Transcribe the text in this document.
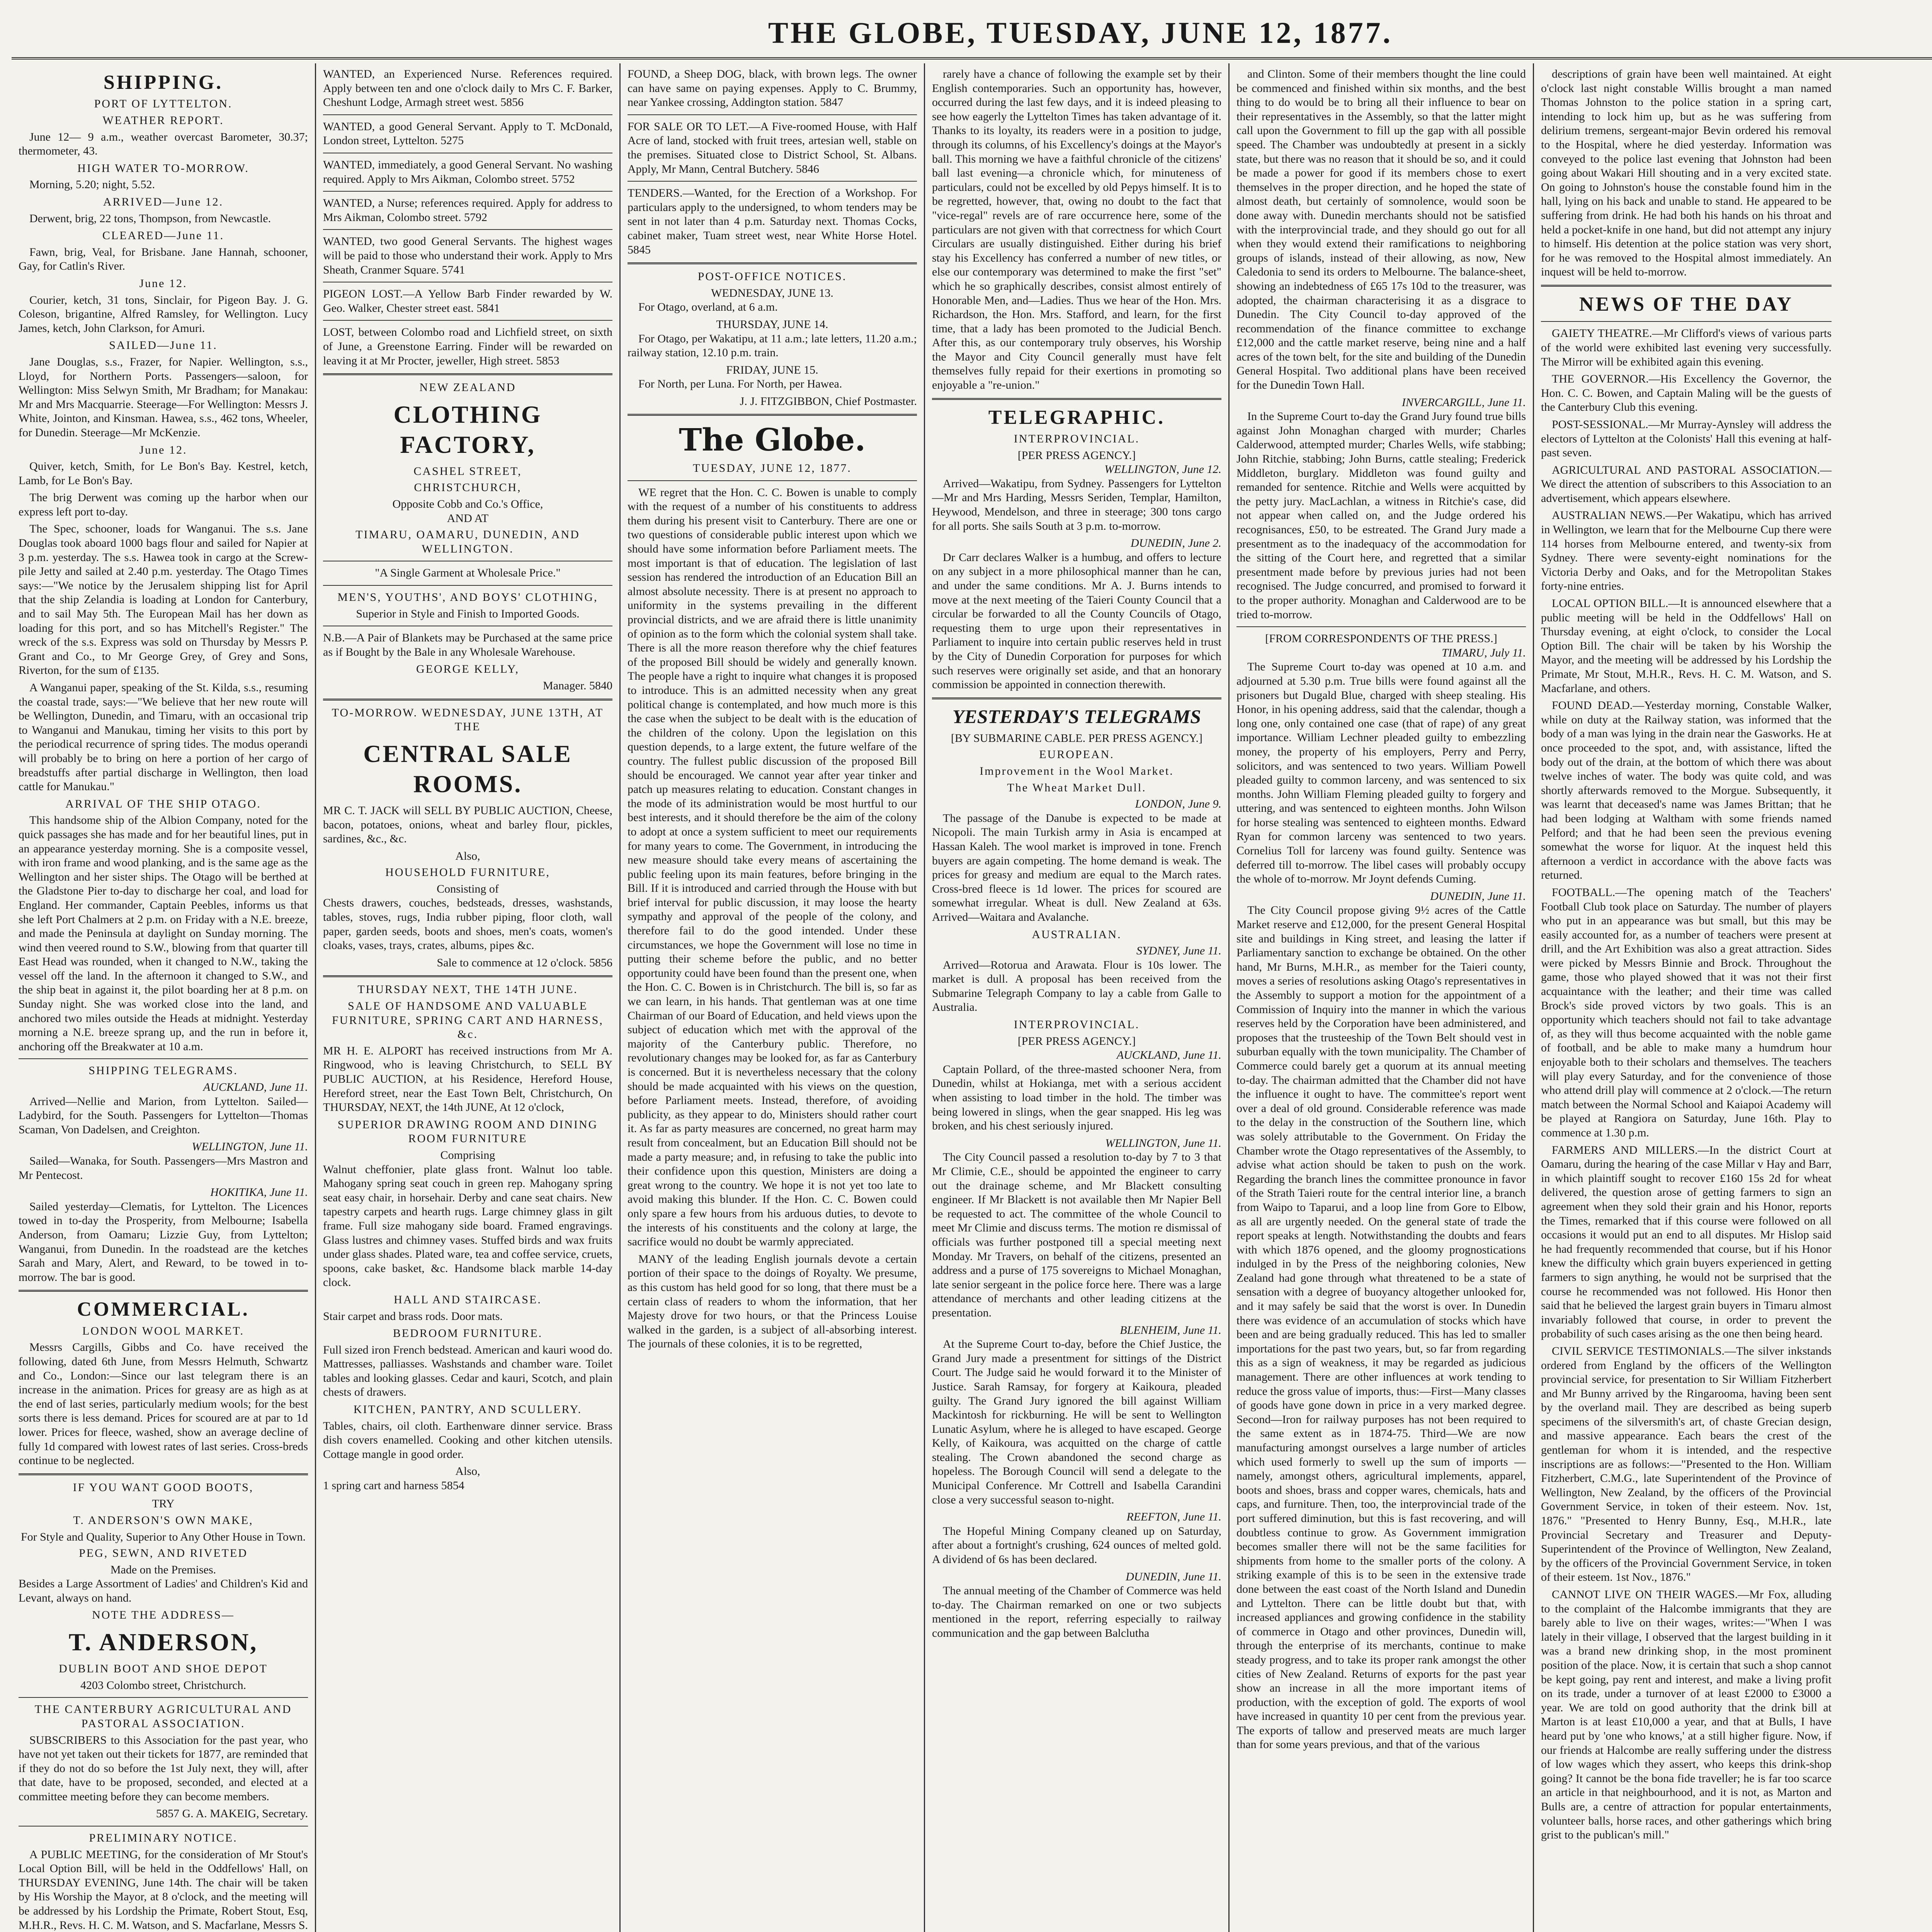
THE GLOBE, TUESDAY, JUNE 12, 1877.
SHIPPING.
PORT OF LYTTELTON.
WEATHER REPORT.

June 12— 9 a.m., weather overcast Barometer, 30.37; thermometer, 43.

HIGH WATER TO-MORROW.

Morning, 5.20; night, 5.52.

ARRIVED—June 12.

Derwent, brig, 22 tons, Thompson, from Newcastle.

CLEARED—June 11.

Fawn, brig, Veal, for Brisbane. Jane Hannah, schooner, Gay, for Catlin's River.

June 12.

Courier, ketch, 31 tons, Sinclair, for Pigeon Bay. J. G. Coleson, brigantine, Alfred Ramsley, for Wellington. Lucy James, ketch, John Clarkson, for Amuri.

SAILED—June 11.

Jane Douglas, s.s., Frazer, for Napier. Wellington, s.s., Lloyd, for Northern Ports. Passengers—saloon, for Wellington: Miss Selwyn Smith, Mr Bradham; for Manakau: Mr and Mrs Macquarrie. Steerage—For Wellington: Messrs J. White, Jointon, and Kinsman. Hawea, s.s., 462 tons, Wheeler, for Dunedin. Steerage—Mr McKenzie.

June 12.

Quiver, ketch, Smith, for Le Bon's Bay. Kestrel, ketch, Lamb, for Le Bon's Bay.

The brig Derwent was coming up the harbor when our express left port to-day.

The Spec, schooner, loads for Wanganui. The s.s. Jane Douglas took aboard 1000 bags flour and sailed for Napier at 3 p.m. yesterday. The s.s. Hawea took in cargo at the Screw-pile Jetty and sailed at 2.40 p.m. yesterday. The Otago Times says:—"We notice by the Jerusalem shipping list for April that the ship Zelandia is loading at London for Canterbury, and to sail May 5th. The European Mail has her down as loading for this port, and so has Mitchell's Register." The wreck of the s.s. Express was sold on Thursday by Messrs P. Grant and Co., to Mr George Grey, of Grey and Sons, Riverton, for the sum of £135.

A Wanganui paper, speaking of the St. Kilda, s.s., resuming the coastal trade, says:—"We believe that her new route will be Wellington, Dunedin, and Timaru, with an occasional trip to Wanganui and Manukau, timing her visits to this port by the periodical recurrence of spring tides. The modus operandi will probably be to bring on here a portion of her cargo of breadstuffs after partial discharge in Wellington, then load cattle for Manukau."

ARRIVAL OF THE SHIP OTAGO.

This handsome ship of the Albion Company, noted for the quick passages she has made and for her beautiful lines, put in an appearance yesterday morning. She is a composite vessel, with iron frame and wood planking, and is the same age as the Wellington and her sister ships. The Otago will be berthed at the Gladstone Pier to-day to discharge her coal, and load for England. Her commander, Captain Peebles, informs us that she left Port Chalmers at 2 p.m. on Friday with a N.E. breeze, and made the Peninsula at daylight on Sunday morning. The wind then veered round to S.W., blowing from that quarter till East Head was rounded, when it changed to N.W., taking the vessel off the land. In the afternoon it changed to S.W., and the ship beat in against it, the pilot boarding her at 8 p.m. on Sunday night. She was worked close into the land, and anchored two miles outside the Heads at midnight. Yesterday morning a N.E. breeze sprang up, and the run in before it, anchoring off the Breakwater at 10 a.m.

SHIPPING TELEGRAMS.
AUCKLAND, June 11.

Arrived—Nellie and Marion, from Lyttelton. Sailed—Ladybird, for the South. Passengers for Lyttelton—Thomas Scaman, Von Dadelsen, and Creighton.

WELLINGTON, June 11.

Sailed—Wanaka, for South. Passengers—Mrs Mastron and Mr Pentecost.

HOKITIKA, June 11.

Sailed yesterday—Clematis, for Lyttelton. The Licences towed in to-day the Prosperity, from Melbourne; Isabella Anderson, from Oamaru; Lizzie Guy, from Lyttelton; Wanganui, from Dunedin. In the roadstead are the ketches Sarah and Mary, Alert, and Reward, to be towed in to-morrow. The bar is good.

COMMERCIAL.
LONDON WOOL MARKET.

Messrs Cargills, Gibbs and Co. have received the following, dated 6th June, from Messrs Helmuth, Schwartz and Co., London:—Since our last telegram there is an increase in the animation. Prices for greasy are as high as at the end of last series, particularly medium wools; for the best sorts there is less demand. Prices for scoured are at par to 1d lower. Prices for fleece, washed, show an average decline of fully 1d compared with lowest rates of last series. Cross-breds continue to be neglected.

IF YOU WANT GOOD BOOTS,
TRY
T. ANDERSON'S OWN MAKE,
For Style and Quality, Superior to Any Other House in Town.
PEG, SEWN, AND RIVETED
Made on the Premises.

Besides a Large Assortment of Ladies' and Children's Kid and Levant, always on hand.

NOTE THE ADDRESS—
T. ANDERSON,
DUBLIN BOOT AND SHOE DEPOT
4203 Colombo street, Christchurch.
THE CANTERBURY AGRICULTURAL AND PASTORAL ASSOCIATION.

SUBSCRIBERS to this Association for the past year, who have not yet taken out their tickets for 1877, are reminded that if they do not do so before the 1st July next, they will, after that date, have to be proposed, seconded, and elected at a committee meeting before they can become members.

5857 G. A. MAKEIG, Secretary.
PRELIMINARY NOTICE.

A PUBLIC MEETING, for the consideration of Mr Stout's Local Option Bill, will be held in the Oddfellows' Hall, on THURSDAY EVENING, June 14th. The chair will be taken by His Worship the Mayor, at 8 o'clock, and the meeting will be addressed by his Lordship the Primate, Robert Stout, Esq, M.H.R., Revs. H. C. M. Watson, and S. Macfarlane, Messrs S.

WANTED, an Experienced Nurse. References required. Apply between ten and one o'clock daily to Mrs C. F. Barker, Cheshunt Lodge, Armagh street west. 5856

WANTED, a good General Servant. Apply to T. McDonald, London street, Lyttelton. 5275

WANTED, immediately, a good General Servant. No washing required. Apply to Mrs Aikman, Colombo street. 5752

WANTED, a Nurse; references required. Apply for address to Mrs Aikman, Colombo street. 5792

WANTED, two good General Servants. The highest wages will be paid to those who understand their work. Apply to Mrs Sheath, Cranmer Square. 5741

PIGEON LOST.—A Yellow Barb Finder rewarded by W. Geo. Walker, Chester street east. 5841

LOST, between Colombo road and Lichfield street, on sixth of June, a Greenstone Earring. Finder will be rewarded on leaving it at Mr Procter, jeweller, High street. 5853

NEW ZEALAND
CLOTHING FACTORY,
CASHEL STREET,
CHRISTCHURCH,
Opposite Cobb and Co.'s Office,
AND AT
TIMARU, OAMARU, DUNEDIN, AND WELLINGTON.
"A Single Garment at Wholesale Price."
MEN'S, YOUTHS', AND BOYS' CLOTHING,
Superior in Style and Finish to Imported Goods.

N.B.—A Pair of Blankets may be Purchased at the same price as if Bought by the Bale in any Wholesale Warehouse.

GEORGE KELLY,
Manager. 5840
TO-MORROW. WEDNESDAY, JUNE 13TH, AT THE
CENTRAL SALE ROOMS.

MR C. T. JACK will SELL BY PUBLIC AUCTION, Cheese, bacon, potatoes, onions, wheat and barley flour, pickles, sardines, &c., &c.

Also,
HOUSEHOLD FURNITURE,
Consisting of

Chests drawers, couches, bedsteads, dresses, washstands, tables, stoves, rugs, India rubber piping, floor cloth, wall paper, garden seeds, boots and shoes, men's coats, women's cloaks, vases, trays, crates, albums, pipes &c.

Sale to commence at 12 o'clock. 5856
THURSDAY NEXT, THE 14TH JUNE.
SALE OF HANDSOME AND VALUABLE FURNITURE, SPRING CART AND HARNESS, &c.

MR H. E. ALPORT has received instructions from Mr A. Ringwood, who is leaving Christchurch, to SELL BY PUBLIC AUCTION, at his Residence, Hereford House, Hereford street, near the East Town Belt, Christchurch, On THURSDAY, NEXT, the 14th JUNE, At 12 o'clock,

SUPERIOR DRAWING ROOM AND DINING ROOM FURNITURE
Comprising

Walnut cheffonier, plate glass front. Walnut loo table. Mahogany spring seat couch in green rep. Mahogany spring seat easy chair, in horsehair. Derby and cane seat chairs. New tapestry carpets and hearth rugs. Large chimney glass in gilt frame. Full size mahogany side board. Framed engravings. Glass lustres and chimney vases. Stuffed birds and wax fruits under glass shades. Plated ware, tea and coffee service, cruets, spoons, cake basket, &c. Handsome black marble 14-day clock.

HALL AND STAIRCASE.

Stair carpet and brass rods. Door mats.

BEDROOM FURNITURE.

Full sized iron French bedstead. American and kauri wood do. Mattresses, palliasses. Washstands and chamber ware. Toilet tables and looking glasses. Cedar and kauri, Scotch, and plain chests of drawers.

KITCHEN, PANTRY, AND SCULLERY.

Tables, chairs, oil cloth. Earthenware dinner service. Brass dish covers enamelled. Cooking and other kitchen utensils. Cottage mangle in good order.

Also,
1 spring cart and harness 5854

FOUND, a Sheep DOG, black, with brown legs. The owner can have same on paying expenses. Apply to C. Brummy, near Yankee crossing, Addington station. 5847

FOR SALE OR TO LET.—A Five-roomed House, with Half Acre of land, stocked with fruit trees, artesian well, stable on the premises. Situated close to District School, St. Albans. Apply, Mr Mann, Central Butchery. 5846

TENDERS.—Wanted, for the Erection of a Workshop. For particulars apply to the undersigned, to whom tenders may be sent in not later than 4 p.m. Saturday next. Thomas Cocks, cabinet maker, Tuam street west, near White Horse Hotel. 5845

POST-OFFICE NOTICES.
WEDNESDAY, JUNE 13.

For Otago, overland, at 6 a.m.

THURSDAY, JUNE 14.

For Otago, per Wakatipu, at 11 a.m.; late letters, 11.20 a.m.; railway station, 12.10 p.m. train.

FRIDAY, JUNE 15.

For North, per Luna. For North, per Hawea.

J. J. FITZGIBBON, Chief Postmaster.
The Globe.
TUESDAY, JUNE 12, 1877.

WE regret that the Hon. C. C. Bowen is unable to comply with the request of a number of his constituents to address them during his present visit to Canterbury. There are one or two questions of considerable public interest upon which we should have some information before Parliament meets. The most important is that of education. The legislation of last session has rendered the introduction of an Education Bill an almost absolute necessity. There is at present no approach to uniformity in the systems prevailing in the different provincial districts, and we are afraid there is little unanimity of opinion as to the form which the colonial system shall take. There is all the more reason therefore why the chief features of the proposed Bill should be widely and generally known. The people have a right to inquire what changes it is proposed to introduce. This is an admitted necessity when any great political change is contemplated, and how much more is this the case when the subject to be dealt with is the education of the children of the colony. Upon the legislation on this question depends, to a large extent, the future welfare of the country. The fullest public discussion of the proposed Bill should be encouraged. We cannot year after year tinker and patch up measures relating to education. Constant changes in the mode of its administration would be most hurtful to our best interests, and it should therefore be the aim of the colony to adopt at once a system sufficient to meet our requirements for many years to come. The Government, in introducing the new measure should take every means of ascertaining the public feeling upon its main features, before bringing in the Bill. If it is introduced and carried through the House with but brief interval for public discussion, it may loose the hearty sympathy and approval of the people of the colony, and therefore fail to do the good intended. Under these circumstances, we hope the Government will lose no time in putting their scheme before the public, and no better opportunity could have been found than the present one, when the Hon. C. C. Bowen is in Christchurch. The bill is, so far as we can learn, in his hands. That gentleman was at one time Chairman of our Board of Education, and held views upon the subject of education which met with the approval of the majority of the Canterbury public. Therefore, no revolutionary changes may be looked for, as far as Canterbury is concerned. But it is nevertheless necessary that the colony should be made acquainted with his views on the question, before Parliament meets. Instead, therefore, of avoiding publicity, as they appear to do, Ministers should rather court it. As far as party measures are concerned, no great harm may result from concealment, but an Education Bill should not be made a party measure; and, in refusing to take the public into their confidence upon this question, Ministers are doing a great wrong to the country. We hope it is not yet too late to avoid making this blunder. If the Hon. C. C. Bowen could only spare a few hours from his arduous duties, to devote to the interests of his constituents and the colony at large, the sacrifice would no doubt be warmly appreciated.

MANY of the leading English journals devote a certain portion of their space to the doings of Royalty. We presume, as this custom has held good for so long, that there must be a certain class of readers to whom the information, that her Majesty drove for two hours, or that the Princess Louise walked in the garden, is a subject of all-absorbing interest. The journals of these colonies, it is to be regretted,

rarely have a chance of following the example set by their English contemporaries. Such an opportunity has, however, occurred during the last few days, and it is indeed pleasing to see how eagerly the Lyttelton Times has taken advantage of it. Thanks to its loyalty, its readers were in a position to judge, through its columns, of his Excellency's doings at the Mayor's ball. This morning we have a faithful chronicle of the citizens' ball last evening—a chronicle which, for minuteness of particulars, could not be excelled by old Pepys himself. It is to be regretted, however, that, owing no doubt to the fact that "vice-regal" revels are of rare occurrence here, some of the particulars are not given with that correctness for which Court Circulars are usually distinguished. Either during his brief stay his Excellency has conferred a number of new titles, or else our contemporary was determined to make the first "set" which he so graphically describes, consist almost entirely of Honorable Men, and—Ladies. Thus we hear of the Hon. Mrs. Richardson, the Hon. Mrs. Stafford, and learn, for the first time, that a lady has been promoted to the Judicial Bench. After this, as our contemporary truly observes, his Worship the Mayor and City Council generally must have felt themselves fully repaid for their exertions in promoting so enjoyable a "re-union."

TELEGRAPHIC.
INTERPROVINCIAL.
[PER PRESS AGENCY.]
WELLINGTON, June 12.

Arrived—Wakatipu, from Sydney. Passengers for Lyttelton—Mr and Mrs Harding, Messrs Seriden, Templar, Hamilton, Heywood, Mendelson, and three in steerage; 300 tons cargo for all ports. She sails South at 3 p.m. to-morrow.

DUNEDIN, June 2.

Dr Carr declares Walker is a humbug, and offers to lecture on any subject in a more philosophical manner than he can, and under the same conditions. Mr A. J. Burns intends to move at the next meeting of the Taieri County Council that a circular be forwarded to all the County Councils of Otago, requesting them to urge upon their representatives in Parliament to inquire into certain public reserves held in trust by the City of Dunedin Corporation for purposes for which such reserves were originally set aside, and that an honorary commission be appointed in connection therewith.

YESTERDAY'S TELEGRAMS
[BY SUBMARINE CABLE. PER PRESS AGENCY.]
EUROPEAN.
Improvement in the Wool Market.
The Wheat Market Dull.
LONDON, June 9.

The passage of the Danube is expected to be made at Nicopoli. The main Turkish army in Asia is encamped at Hassan Kaleh. The wool market is improved in tone. French buyers are again competing. The home demand is weak. The prices for greasy and medium are equal to the March rates. Cross-bred fleece is 1d lower. The prices for scoured are somewhat irregular. Wheat is dull. New Zealand at 63s. Arrived—Waitara and Avalanche.

AUSTRALIAN.
SYDNEY, June 11.

Arrived—Rotorua and Arawata. Flour is 10s lower. The market is dull. A proposal has been received from the Submarine Telegraph Company to lay a cable from Galle to Australia.

INTERPROVINCIAL.
[PER PRESS AGENCY.]
AUCKLAND, June 11.

Captain Pollard, of the three-masted schooner Nera, from Dunedin, whilst at Hokianga, met with a serious accident when assisting to load timber in the hold. The timber was being lowered in slings, when the gear snapped. His leg was broken, and his chest seriously injured.

WELLINGTON, June 11.

The City Council passed a resolution to-day by 7 to 3 that Mr Climie, C.E., should be appointed the engineer to carry out the drainage scheme, and Mr Blackett consulting engineer. If Mr Blackett is not available then Mr Napier Bell be requested to act. The committee of the whole Council to meet Mr Climie and discuss terms. The motion re dismissal of officials was further postponed till a special meeting next Monday. Mr Travers, on behalf of the citizens, presented an address and a purse of 175 sovereigns to Michael Monaghan, late senior sergeant in the police force here. There was a large attendance of merchants and other leading citizens at the presentation.

BLENHEIM, June 11.

At the Supreme Court to-day, before the Chief Justice, the Grand Jury made a presentment for sittings of the District Court. The Judge said he would forward it to the Minister of Justice. Sarah Ramsay, for forgery at Kaikoura, pleaded guilty. The Grand Jury ignored the bill against William Mackintosh for rickburning. He will be sent to Wellington Lunatic Asylum, where he is alleged to have escaped. George Kelly, of Kaikoura, was acquitted on the charge of cattle stealing. The Crown abandoned the second charge as hopeless. The Borough Council will send a delegate to the Municipal Conference. Mr Cottrell and Isabella Carandini close a very successful season to-night.

REEFTON, June 11.

The Hopeful Mining Company cleaned up on Saturday, after about a fortnight's crushing, 624 ounces of melted gold. A dividend of 6s has been declared.

DUNEDIN, June 11.

The annual meeting of the Chamber of Commerce was held to-day. The Chairman remarked on one or two subjects mentioned in the report, referring especially to railway communication and the gap between Balclutha

and Clinton. Some of their members thought the line could be commenced and finished within six months, and the best thing to do would be to bring all their influence to bear on their representatives in the Assembly, so that the latter might call upon the Government to fill up the gap with all possible speed. The Chamber was undoubtedly at present in a sickly state, but there was no reason that it should be so, and it could be made a power for good if its members chose to exert themselves in the proper direction, and he hoped the state of almost death, but certainly of somnolence, would soon be done away with. Dunedin merchants should not be satisfied with the interprovincial trade, and they should go out for all when they would extend their ramifications to neighboring groups of islands, instead of their allowing, as now, New Caledonia to send its orders to Melbourne. The balance-sheet, showing an indebtedness of £65 17s 10d to the treasurer, was adopted, the chairman characterising it as a disgrace to Dunedin. The City Council to-day approved of the recommendation of the finance committee to exchange £12,000 and the cattle market reserve, being nine and a half acres of the town belt, for the site and building of the Dunedin General Hospital. Two additional plans have been received for the Dunedin Town Hall.

INVERCARGILL, June 11.

In the Supreme Court to-day the Grand Jury found true bills against John Monaghan charged with murder; Charles Calderwood, attempted murder; Charles Wells, wife stabbing; John Ritchie, stabbing; John Burns, cattle stealing; Frederick Middleton, burglary. Middleton was found guilty and remanded for sentence. Ritchie and Wells were acquitted by the petty jury. MacLachlan, a witness in Ritchie's case, did not appear when called on, and the Judge ordered his recognisances, £50, to be estreated. The Grand Jury made a presentment as to the inadequacy of the accommodation for the sitting of the Court here, and regretted that a similar presentment made before by previous juries had not been recognised. The Judge concurred, and promised to forward it to the proper authority. Monaghan and Calderwood are to be tried to-morrow.

[FROM CORRESPONDENTS OF THE PRESS.]
TIMARU, July 11.

The Supreme Court to-day was opened at 10 a.m. and adjourned at 5.30 p.m. True bills were found against all the prisoners but Dugald Blue, charged with sheep stealing. His Honor, in his opening address, said that the calendar, though a long one, only contained one case (that of rape) of any great importance. William Lechner pleaded guilty to embezzling money, the property of his employers, Perry and Perry, solicitors, and was sentenced to two years. William Powell pleaded guilty to common larceny, and was sentenced to six months. John William Fleming pleaded guilty to forgery and uttering, and was sentenced to eighteen months. John Wilson for horse stealing was sentenced to eighteen months. Edward Ryan for common larceny was sentenced to two years. Cornelius Toll for larceny was found guilty. Sentence was deferred till to-morrow. The libel cases will probably occupy the whole of to-morrow. Mr Joynt defends Cuming.

DUNEDIN, June 11.

The City Council propose giving 9½ acres of the Cattle Market reserve and £12,000, for the present General Hospital site and buildings in King street, and leasing the latter if Parliamentary sanction to exchange be obtained. On the other hand, Mr Burns, M.H.R., as member for the Taieri county, moves a series of resolutions asking Otago's representatives in the Assembly to support a motion for the appointment of a Commission of Inquiry into the manner in which the various reserves held by the Corporation have been administered, and proposes that the trusteeship of the Town Belt should vest in suburban equally with the town municipality. The Chamber of Commerce could barely get a quorum at its annual meeting to-day. The chairman admitted that the Chamber did not have the influence it ought to have. The committee's report went over a deal of old ground. Considerable reference was made to the delay in the construction of the Southern line, which was solely attributable to the Government. On Friday the Chamber wrote the Otago representatives of the Assembly, to advise what action should be taken to push on the work. Regarding the branch lines the committee pronounce in favor of the Strath Taieri route for the central interior line, a branch from Waipo to Taparui, and a loop line from Gore to Elbow, as all are urgently needed. On the general state of trade the report speaks at length. Notwithstanding the doubts and fears with which 1876 opened, and the gloomy prognostications indulged in by the Press of the neighboring colonies, New Zealand had gone through what threatened to be a state of sensation with a degree of buoyancy altogether unlooked for, and it may safely be said that the worst is over. In Dunedin there was evidence of an accumulation of stocks which have been and are being gradually reduced. This has led to smaller importations for the past two years, but, so far from regarding this as a sign of weakness, it may be regarded as judicious management. There are other influences at work tending to reduce the gross value of imports, thus:—First—Many classes of goods have gone down in price in a very marked degree. Second—Iron for railway purposes has not been required to the same extent as in 1874-75. Third—We are now manufacturing amongst ourselves a large number of articles which used formerly to swell up the sum of imports —namely, amongst others, agricultural implements, apparel, boots and shoes, brass and copper wares, chemicals, hats and caps, and furniture. Then, too, the interprovincial trade of the port suffered diminution, but this is fast recovering, and will doubtless continue to grow. As Government immigration becomes smaller there will not be the same facilities for shipments from home to the smaller ports of the colony. A striking example of this is to be seen in the extensive trade done between the east coast of the North Island and Dunedin and Lyttelton. There can be little doubt but that, with increased appliances and growing confidence in the stability of commerce in Otago and other provinces, Dunedin will, through the enterprise of its merchants, continue to make steady progress, and to take its proper rank amongst the other cities of New Zealand. Returns of exports for the past year show an increase in all the more important items of production, with the exception of gold. The exports of wool have increased in quantity 10 per cent from the previous year. The exports of tallow and preserved meats are much larger than for some years previous, and that of the various

descriptions of grain have been well maintained. At eight o'clock last night constable Willis brought a man named Thomas Johnston to the police station in a spring cart, intending to lock him up, but as he was suffering from delirium tremens, sergeant-major Bevin ordered his removal to the Hospital, where he died yesterday. Information was conveyed to the police last evening that Johnston had been going about Wakari Hill shouting and in a very excited state. On going to Johnston's house the constable found him in the hall, lying on his back and unable to stand. He appeared to be suffering from drink. He had both his hands on his throat and held a pocket-knife in one hand, but did not attempt any injury to himself. His detention at the police station was very short, for he was removed to the Hospital almost immediately. An inquest will be held to-morrow.

NEWS OF THE DAY

GAIETY THEATRE.—Mr Clifford's views of various parts of the world were exhibited last evening very successfully. The Mirror will be exhibited again this evening.

THE GOVERNOR.—His Excellency the Governor, the Hon. C. C. Bowen, and Captain Maling will be the guests of the Canterbury Club this evening.

POST-SESSIONAL.—Mr Murray-Aynsley will address the electors of Lyttelton at the Colonists' Hall this evening at half-past seven.

AGRICULTURAL AND PASTORAL ASSOCIATION.—We direct the attention of subscribers to this Association to an advertisement, which appears elsewhere.

AUSTRALIAN NEWS.—Per Wakatipu, which has arrived in Wellington, we learn that for the Melbourne Cup there were 114 horses from Melbourne entered, and twenty-six from Sydney. There were seventy-eight nominations for the Victoria Derby and Oaks, and for the Metropolitan Stakes forty-nine entries.

LOCAL OPTION BILL.—It is announced elsewhere that a public meeting will be held in the Oddfellows' Hall on Thursday evening, at eight o'clock, to consider the Local Option Bill. The chair will be taken by his Worship the Mayor, and the meeting will be addressed by his Lordship the Primate, Mr Stout, M.H.R., Revs. H. C. M. Watson, and S. Macfarlane, and others.

FOUND DEAD.—Yesterday morning, Constable Walker, while on duty at the Railway station, was informed that the body of a man was lying in the drain near the Gasworks. He at once proceeded to the spot, and, with assistance, lifted the body out of the drain, at the bottom of which there was about twelve inches of water. The body was quite cold, and was shortly afterwards removed to the Morgue. Subsequently, it was learnt that deceased's name was James Brittan; that he had been lodging at Waltham with some friends named Pelford; and that he had been seen the previous evening somewhat the worse for liquor. At the inquest held this afternoon a verdict in accordance with the above facts was returned.

FOOTBALL.—The opening match of the Teachers' Football Club took place on Saturday. The number of players who put in an appearance was but small, but this may be easily accounted for, as a number of teachers were present at drill, and the Art Exhibition was also a great attraction. Sides were picked by Messrs Binnie and Brock. Throughout the game, those who played showed that it was not their first acquaintance with the leather; and their time was called Brock's side proved victors by two goals. This is an opportunity which teachers should not fail to take advantage of, as they will thus become acquainted with the noble game of football, and be able to make many a humdrum hour enjoyable both to their scholars and themselves. The teachers will play every Saturday, and for the convenience of those who attend drill play will commence at 2 o'clock.—The return match between the Normal School and Kaiapoi Academy will be played at Rangiora on Saturday, June 16th. Play to commence at 1.30 p.m.

FARMERS AND MILLERS.—In the district Court at Oamaru, during the hearing of the case Millar v Hay and Barr, in which plaintiff sought to recover £160 15s 2d for wheat delivered, the question arose of getting farmers to sign an agreement when they sold their grain and his Honor, reports the Times, remarked that if this course were followed on all occasions it would put an end to all disputes. Mr Hislop said he had frequently recommended that course, but if his Honor knew the difficulty which grain buyers experienced in getting farmers to sign anything, he would not be surprised that the course he recommended was not followed. His Honor then said that he believed the largest grain buyers in Timaru almost invariably followed that course, in order to prevent the probability of such cases arising as the one then being heard.

CIVIL SERVICE TESTIMONIALS.—The silver inkstands ordered from England by the officers of the Wellington provincial service, for presentation to Sir William Fitzherbert and Mr Bunny arrived by the Ringarooma, having been sent by the overland mail. They are described as being superb specimens of the silversmith's art, of chaste Grecian design, and massive appearance. Each bears the crest of the gentleman for whom it is intended, and the respective inscriptions are as follows:—"Presented to the Hon. William Fitzherbert, C.M.G., late Superintendent of the Province of Wellington, New Zealand, by the officers of the Provincial Government Service, in token of their esteem. Nov. 1st, 1876." "Presented to Henry Bunny, Esq., M.H.R., late Provincial Secretary and Treasurer and Deputy-Superintendent of the Province of Wellington, New Zealand, by the officers of the Provincial Government Service, in token of their esteem. 1st Nov., 1876."

CANNOT LIVE ON THEIR WAGES.—Mr Fox, alluding to the complaint of the Halcombe immigrants that they are barely able to live on their wages, writes:—"When I was lately in their village, I observed that the largest building in it was a brand new drinking shop, in the most prominent position of the place. Now, it is certain that such a shop cannot be kept going, pay rent and interest, and make a living profit on its trade, under a turnover of at least £2000 to £3000 a year. We are told on good authority that the drink bill at Marton is at least £10,000 a year, and that at Bulls, I have heard put by 'one who knows,' at a still higher figure. Now, if our friends at Halcombe are really suffering under the distress of low wages which they assert, who keeps this drink-shop going? It cannot be the bona fide traveller; he is far too scarce an article in that neighbourhood, and it is not, as Marton and Bulls are, a centre of attraction for popular entertainments, volunteer balls, horse races, and other gatherings which bring grist to the publican's mill."
